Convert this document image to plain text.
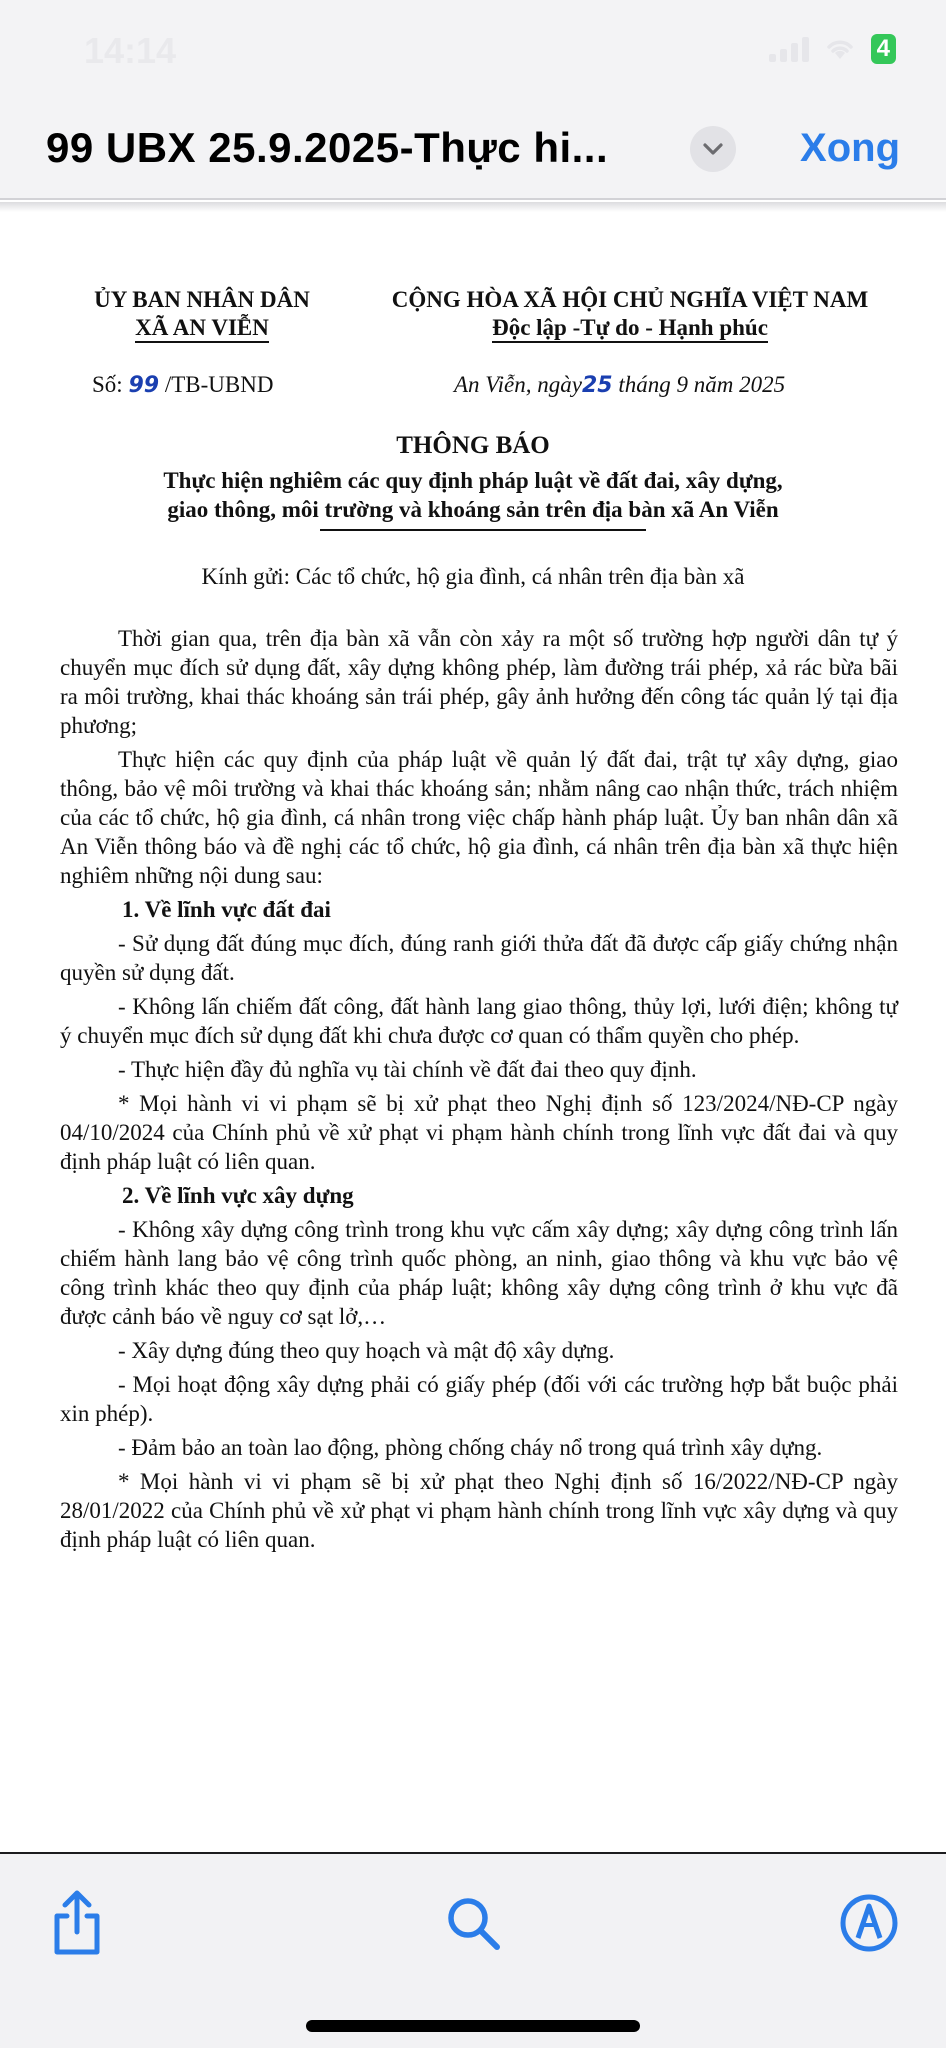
14:14	4
99 UBX 25.9.2025-Thực hi...	Xong
ỦY BAN NHÂN DÂN
XÃ AN VIỄN
CỘNG HÒA XÃ HỘI CHỦ NGHĨA VIỆT NAM
Độc lập -Tự do - Hạnh phúc
Số: 99 /TB-UBND	An Viễn, ngày25 tháng 9 năm 2025
THÔNG BÁO
Thực hiện nghiêm các quy định pháp luật về đất đai, xây dựng,
giao thông, môi trường và khoáng sản trên địa bàn xã An Viễn
Kính gửi: Các tổ chức, hộ gia đình, cá nhân trên địa bàn xã

Thời gian qua, trên địa bàn xã vẫn còn xảy ra một số trường hợp người dân tự ý chuyển mục đích sử dụng đất, xây dựng không phép, làm đường trái phép, xả rác bừa bãi ra môi trường, khai thác khoáng sản trái phép, gây ảnh hưởng đến công tác quản lý tại địa phương;

Thực hiện các quy định của pháp luật về quản lý đất đai, trật tự xây dựng, giao thông, bảo vệ môi trường và khai thác khoáng sản; nhằm nâng cao nhận thức, trách nhiệm của các tổ chức, hộ gia đình, cá nhân trong việc chấp hành pháp luật. Ủy ban nhân dân xã An Viễn thông báo và đề nghị các tổ chức, hộ gia đình, cá nhân trên địa bàn xã thực hiện nghiêm những nội dung sau:

1. Về lĩnh vực đất đai

- Sử dụng đất đúng mục đích, đúng ranh giới thửa đất đã được cấp giấy chứng nhận quyền sử dụng đất.

- Không lấn chiếm đất công, đất hành lang giao thông, thủy lợi, lưới điện; không tự ý chuyển mục đích sử dụng đất khi chưa được cơ quan có thẩm quyền cho phép.

- Thực hiện đầy đủ nghĩa vụ tài chính về đất đai theo quy định.

* Mọi hành vi vi phạm sẽ bị xử phạt theo Nghị định số 123/2024/NĐ-CP ngày 04/10/2024 của Chính phủ về xử phạt vi phạm hành chính trong lĩnh vực đất đai và quy định pháp luật có liên quan.

2. Về lĩnh vực xây dựng

- Không xây dựng công trình trong khu vực cấm xây dựng; xây dựng công trình lấn chiếm hành lang bảo vệ công trình quốc phòng, an ninh, giao thông và khu vực bảo vệ công trình khác theo quy định của pháp luật; không xây dựng công trình ở khu vực đã được cảnh báo về nguy cơ sạt lở,…

- Xây dựng đúng theo quy hoạch và mật độ xây dựng.

- Mọi hoạt động xây dựng phải có giấy phép (đối với các trường hợp bắt buộc phải xin phép).

- Đảm bảo an toàn lao động, phòng chống cháy nổ trong quá trình xây dựng.

* Mọi hành vi vi phạm sẽ bị xử phạt theo Nghị định số 16/2022/NĐ-CP ngày 28/01/2022 của Chính phủ về xử phạt vi phạm hành chính trong lĩnh vực xây dựng và quy định pháp luật có liên quan.
